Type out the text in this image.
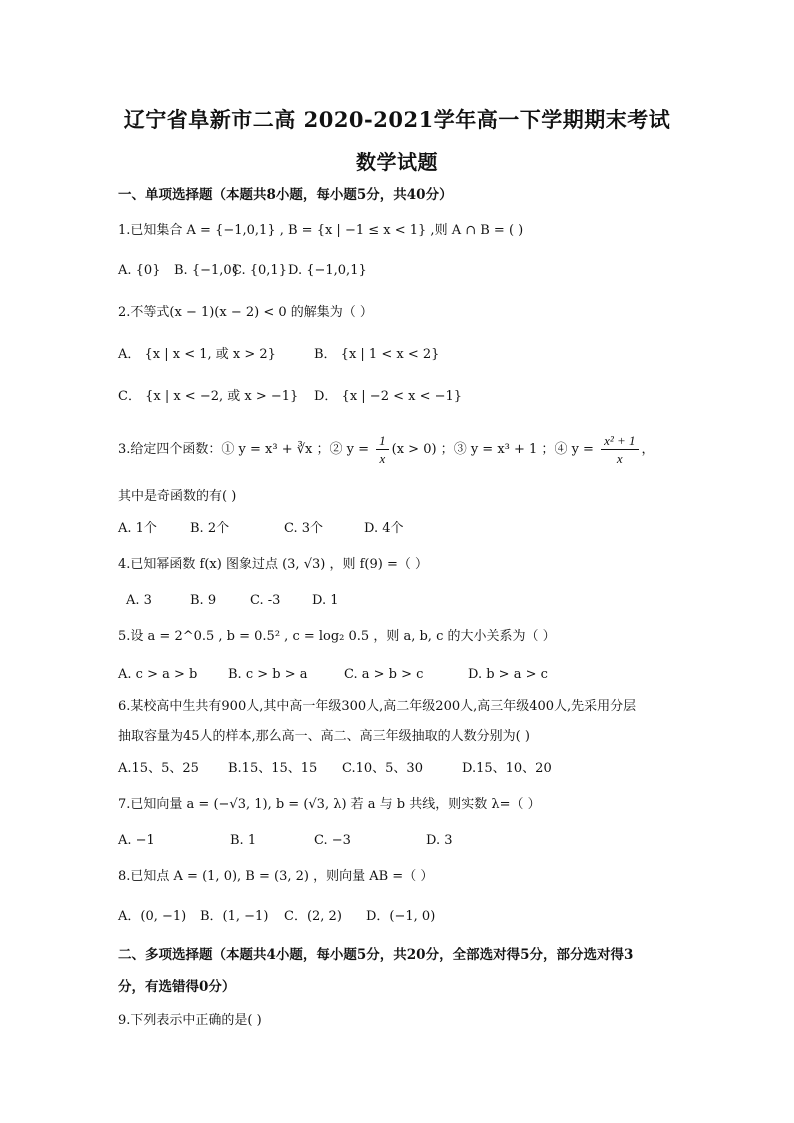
辽宁省阜新市二高 2020-2021学年高一下学期期末考试
数学试题
一、单项选择题（本题共8小题，每小题5分，共40分）
1.已知集合 A = {−1,0,1} , B = {x | −1 ≤ x < 1} ,则 A ∩ B = ( )
A. {0} B. {−1,0}C. {0,1}D. {−1,0,1}
2.不等式(x − 1)(x − 2) < 0 的解集为（ ）
A． {x | x < 1, 或 x > 2}	B． {x | 1 < x < 2}
C． {x | x < −2, 或 x > −1} D． {x | −2 < x < −1}
3.给定四个函数：① y = x³ + ∛x ；② $y = \frac{1}{x} (x > 0)$ ；③ y = x³ + 1 ；④ $y = \frac{\text{x² + 1}}{x}$ ，
其中是奇函数的有( )
A. 1个	B. 2个	C. 3个	D. 4个
4.已知幂函数 f(x) 图象过点 (3, √3) ，则 f(9) =（ ）
A. 3	B. 9	C. -3 D. 1
5.设 a = 2^0.5 , b = 0.5² , c = log₂ 0.5 ，则 a, b, c 的大小关系为（ ）
A. c > a > b B. c > b > a	C. a > b > c	D. b > a > c
6.某校高中生共有900人,其中高一年级300人,高二年级200人,高三年级400人,先采用分层
抽取容量为45人的样本,那么高一、高二、高三年级抽取的人数分别为( )
A.15、5、25 B.15、15、15 C.10、5、30	D.15、10、20
7.已知向量 a = (−√3, 1), b = (√3, λ) 若 a 与 b 共线，则实数 λ=（ ）
A. −1	B. 1	C. −3	D. 3
8.已知点 A = (1, 0), B = (3, 2) ，则向量 AB =（ ）
A．(0, −1) B．(1, −1) C．(2, 2) D．(−1, 0)
二、多项选择题（本题共4小题，每小题5分，共20分，全部选对得5分，部分选对得3
分，有选错得0分）
9.下列表示中正确的是( )
